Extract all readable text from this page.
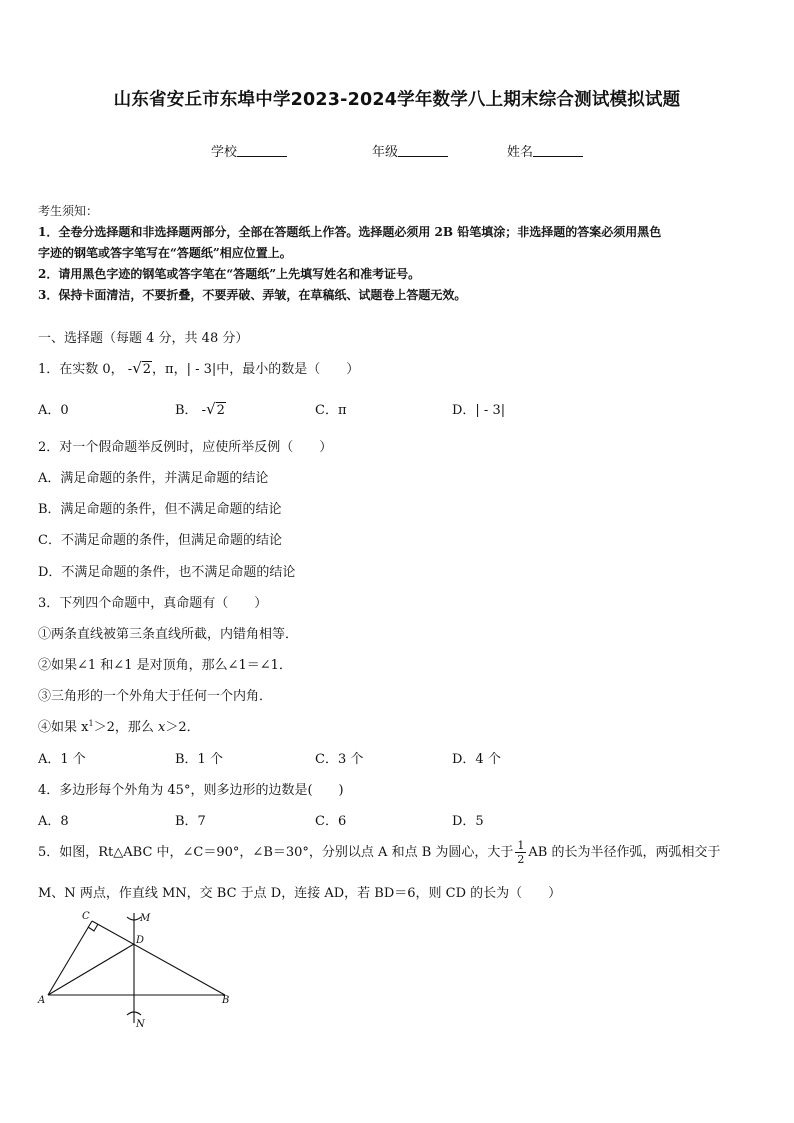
山东省安丘市东埠中学2023-2024学年数学八上期末综合测试模拟试题
学校	年级	姓名
考生须知：
1．全卷分选择题和非选择题两部分，全部在答题纸上作答。选择题必须用 2B 铅笔填涂；非选择题的答案必须用黑色
字迹的钢笔或答字笔写在“答题纸”相应位置上。
2．请用黑色字迹的钢笔或答字笔在“答题纸”上先填写姓名和准考证号。
3．保持卡面清洁，不要折叠，不要弄破、弄皱，在草稿纸、试题卷上答题无效。
一、选择题（每题 4 分，共 48 分）
1．在实数 0， -√2，π，| - 3|中，最小的数是（　　）
A．0	B． -√2	C．π	D．| - 3|
2．对一个假命题举反例时，应使所举反例（　　）
A．满足命题的条件，并满足命题的结论
B．满足命题的条件，但不满足命题的结论
C．不满足命题的条件，但满足命题的结论
D．不满足命题的条件，也不满足命题的结论
3．下列四个命题中，真命题有（　　）
①两条直线被第三条直线所截，内错角相等．
②如果∠1 和∠1 是对顶角，那么∠1＝∠1．
③三角形的一个外角大于任何一个内角．
④如果 $x^1>2$，那么 x＞2．
A．1 个	B．1 个	C．3 个	D．4 个
4．多边形每个外角为 45°，则多边形的边数是(　　)
A．8	B．7	C．6	D．5
5．如图，Rt△ABC 中，∠C＝90°，∠B＝30°，分别以点 A 和点 B 为圆心，大于 $\frac{1}{2}$ AB 的长为半径作弧，两弧相交于
M、N 两点，作直线 MN，交 BC 于点 D，连接 AD，若 BD＝6，则 CD 的长为（　　）
C	M
D
A	B
N
